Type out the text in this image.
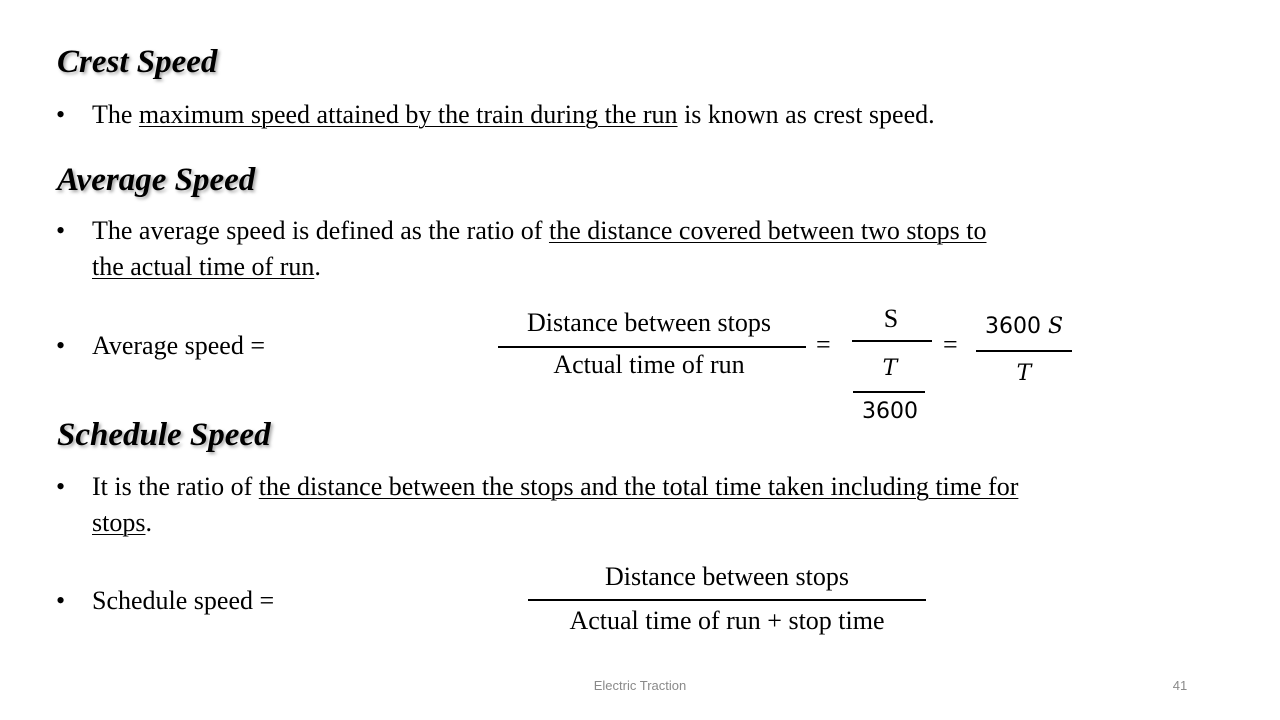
Crest Speed
• The maximum speed attained by the train during the run is known as crest speed.
Average Speed
• The average speed is defined as the ratio of the distance covered between two stops to
the actual time of run.
• Average speed =
Distance between stops
Actual time of run
=
S
T
3600
=
3600 S
T
Schedule Speed
• It is the ratio of the distance between the stops and the total time taken including time for
stops.
• Schedule speed =
Distance between stops
Actual time of run + stop time
Electric Traction	41
